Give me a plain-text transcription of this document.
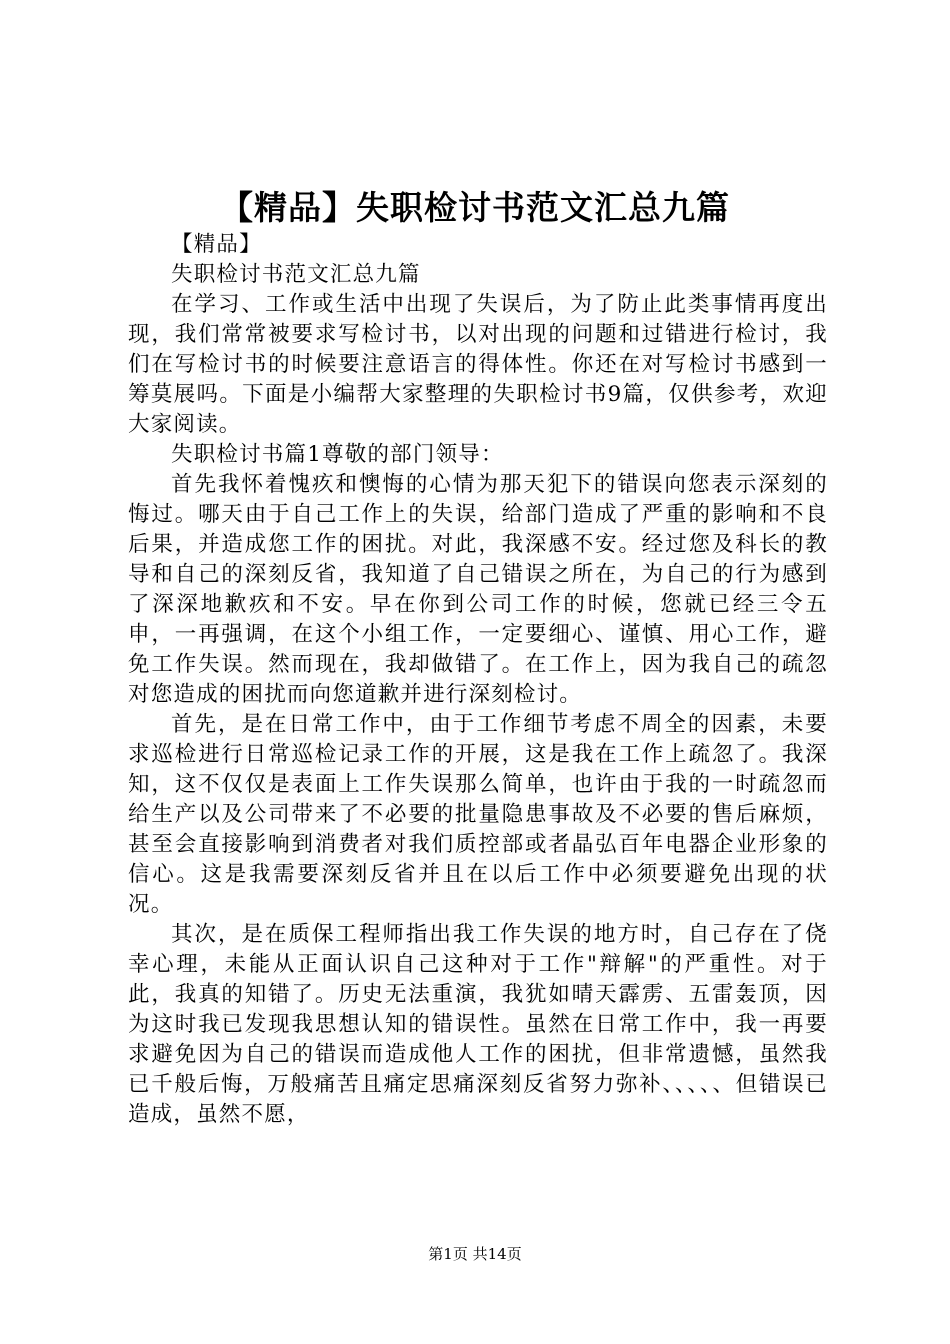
【精品】失职检讨书范文汇总九篇

【精品】

失职检讨书范文汇总九篇

在学习、工作或生活中出现了失误后，为了防止此类事情再度出现，我们常常被要求写检讨书，以对出现的问题和过错进行检讨，我们在写检讨书的时候要注意语言的得体性。你还在对写检讨书感到一筹莫展吗。下面是小编帮大家整理的失职检讨书9篇，仅供参考，欢迎大家阅读。

失职检讨书篇1尊敬的部门领导：

首先我怀着愧疚和懊悔的心情为那天犯下的错误向您表示深刻的悔过。哪天由于自己工作上的失误，给部门造成了严重的影响和不良后果，并造成您工作的困扰。对此，我深感不安。经过您及科长的教导和自己的深刻反省，我知道了自己错误之所在，为自己的行为感到了深深地歉疚和不安。早在你到公司工作的时候，您就已经三令五申，一再强调，在这个小组工作，一定要细心、谨慎、用心工作，避免工作失误。然而现在，我却做错了。在工作上，因为我自己的疏忽对您造成的困扰而向您道歉并进行深刻检讨。

首先，是在日常工作中，由于工作细节考虑不周全的因素，未要求巡检进行日常巡检记录工作的开展，这是我在工作上疏忽了。我深知，这不仅仅是表面上工作失误那么简单，也许由于我的一时疏忽而给生产以及公司带来了不必要的批量隐患事故及不必要的售后麻烦，甚至会直接影响到消费者对我们质控部或者晶弘百年电器企业形象的信心。这是我需要深刻反省并且在以后工作中必须要避免出现的状况。

其次，是在质保工程师指出我工作失误的地方时，自己存在了侥幸心理，未能从正面认识自己这种对于工作"辩解"的严重性。对于此，我真的知错了。历史无法重演，我犹如晴天霹雳、五雷轰顶，因为这时我已发现我思想认知的错误性。虽然在日常工作中，我一再要求避免因为自己的错误而造成他人工作的困扰，但非常遗憾，虽然我已千般后悔，万般痛苦且痛定思痛深刻反省努力弥补、、、、、但错误已造成，虽然不愿，

第1页 共14页
